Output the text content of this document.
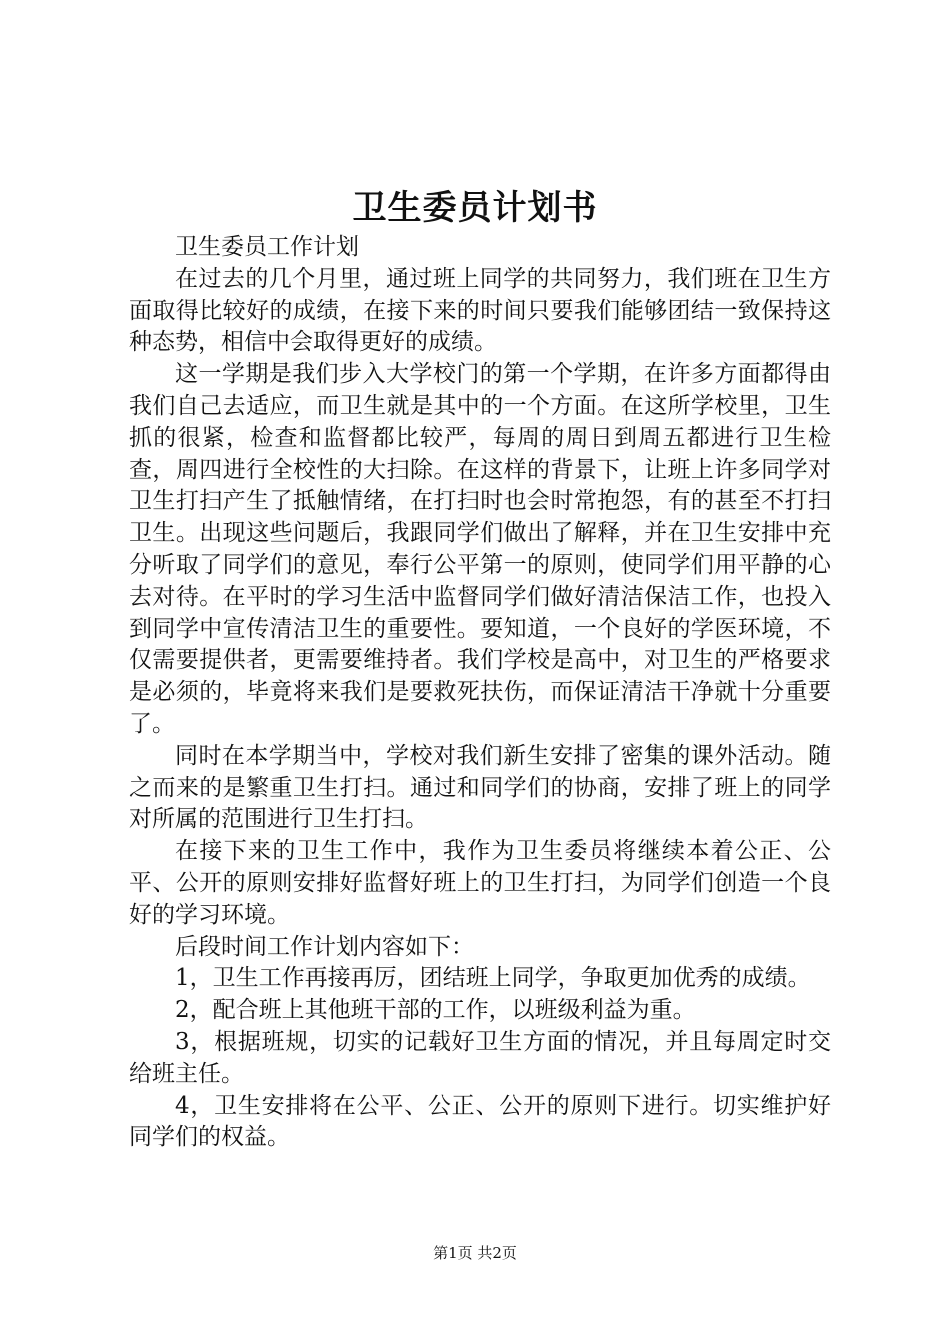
卫生委员计划书

卫生委员工作计划

在过去的几个月里，通过班上同学的共同努力，我们班在卫生方面取得比较好的成绩，在接下来的时间只要我们能够团结一致保持这种态势，相信中会取得更好的成绩。

这一学期是我们步入大学校门的第一个学期，在许多方面都得由我们自己去适应，而卫生就是其中的一个方面。在这所学校里，卫生抓的很紧，检查和监督都比较严，每周的周日到周五都进行卫生检查，周四进行全校性的大扫除。在这样的背景下，让班上许多同学对卫生打扫产生了抵触情绪，在打扫时也会时常抱怨，有的甚至不打扫卫生。出现这些问题后，我跟同学们做出了解释，并在卫生安排中充分听取了同学们的意见，奉行公平第一的原则，使同学们用平静的心去对待。在平时的学习生活中监督同学们做好清洁保洁工作，也投入到同学中宣传清洁卫生的重要性。要知道，一个良好的学医环境，不仅需要提供者，更需要维持者。我们学校是高中，对卫生的严格要求是必须的，毕竟将来我们是要救死扶伤，而保证清洁干净就十分重要了。

同时在本学期当中，学校对我们新生安排了密集的课外活动。随之而来的是繁重卫生打扫。通过和同学们的协商，安排了班上的同学对所属的范围进行卫生打扫。

在接下来的卫生工作中，我作为卫生委员将继续本着公正、公平、公开的原则安排好监督好班上的卫生打扫，为同学们创造一个良好的学习环境。

后段时间工作计划内容如下：

1，卫生工作再接再厉，团结班上同学，争取更加优秀的成绩。

2，配合班上其他班干部的工作，以班级利益为重。

3，根据班规，切实的记载好卫生方面的情况，并且每周定时交给班主任。

4，卫生安排将在公平、公正、公开的原则下进行。切实维护好同学们的权益。

第1页 共2页
